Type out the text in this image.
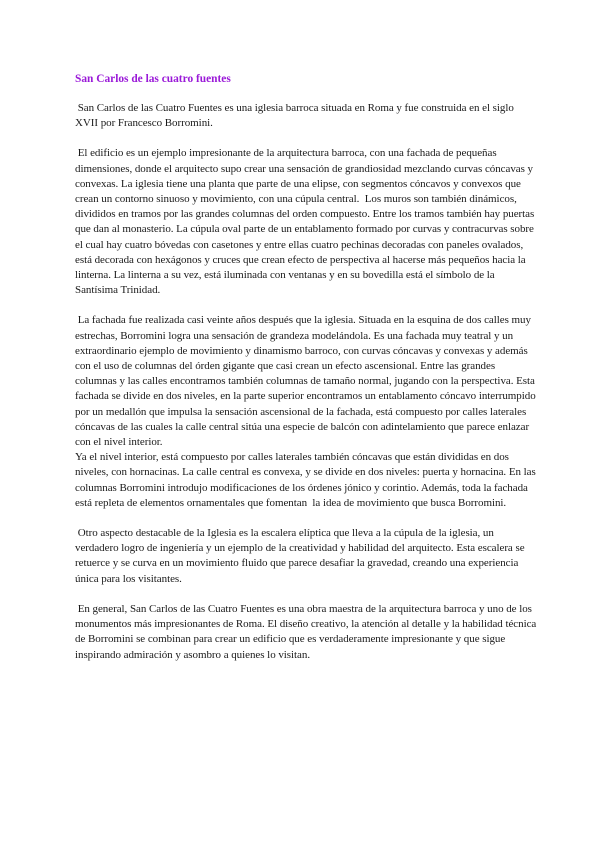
San Carlos de las cuatro fuentes

San Carlos de las Cuatro Fuentes es una iglesia barroca situada en Roma y fue construida en el siglo XVII por Francesco Borromini.

El edificio es un ejemplo impresionante de la arquitectura barroca, con una fachada de pequeñas dimensiones, donde el arquitecto supo crear una sensación de grandiosidad mezclando curvas cóncavas y convexas. La iglesia tiene una planta que parte de una elipse, con segmentos cóncavos y convexos que crean un contorno sinuoso y movimiento, con una cúpula central.  Los muros son también dinámicos, divididos en tramos por las grandes columnas del orden compuesto. Entre los tramos también hay puertas que dan al monasterio. La cúpula oval parte de un entablamento formado por curvas y contracurvas sobre el cual hay cuatro bóvedas con casetones y entre ellas cuatro pechinas decoradas con paneles ovalados, está decorada con hexágonos y cruces que crean efecto de perspectiva al hacerse más pequeños hacia la linterna. La linterna a su vez, está iluminada con ventanas y en su bovedilla está el símbolo de la Santísima Trinidad.

La fachada fue realizada casi veinte años después que la iglesia. Situada en la esquina de dos calles muy estrechas, Borromini logra una sensación de grandeza modelándola. Es una fachada muy teatral y un extraordinario ejemplo de movimiento y dinamismo barroco, con curvas cóncavas y convexas y además con el uso de columnas del órden gigante que casi crean un efecto ascensional. Entre las grandes columnas y las calles encontramos también columnas de tamaño normal, jugando con la perspectiva. Esta fachada se divide en dos niveles, en la parte superior encontramos un entablamento cóncavo interrumpido por un medallón que impulsa la sensación ascensional de la fachada, está compuesto por calles laterales cóncavas de las cuales la calle central sitúa una especie de balcón con adintelamiento que parece enlazar con el nivel interior.

Ya el nivel interior, está compuesto por calles laterales también cóncavas que están divididas en dos niveles, con hornacinas. La calle central es convexa, y se divide en dos niveles: puerta y hornacina. En las columnas Borromini introdujo modificaciones de los órdenes jónico y corintio. Además, toda la fachada está repleta de elementos ornamentales que fomentan  la idea de movimiento que busca Borromini.

Otro aspecto destacable de la Iglesia es la escalera elíptica que lleva a la cúpula de la iglesia, un verdadero logro de ingeniería y un ejemplo de la creatividad y habilidad del arquitecto. Esta escalera se retuerce y se curva en un movimiento fluido que parece desafiar la gravedad, creando una experiencia única para los visitantes.

En general, San Carlos de las Cuatro Fuentes es una obra maestra de la arquitectura barroca y uno de los monumentos más impresionantes de Roma. El diseño creativo, la atención al detalle y la habilidad técnica de Borromini se combinan para crear un edificio que es verdaderamente impresionante y que sigue inspirando admiración y asombro a quienes lo visitan.
